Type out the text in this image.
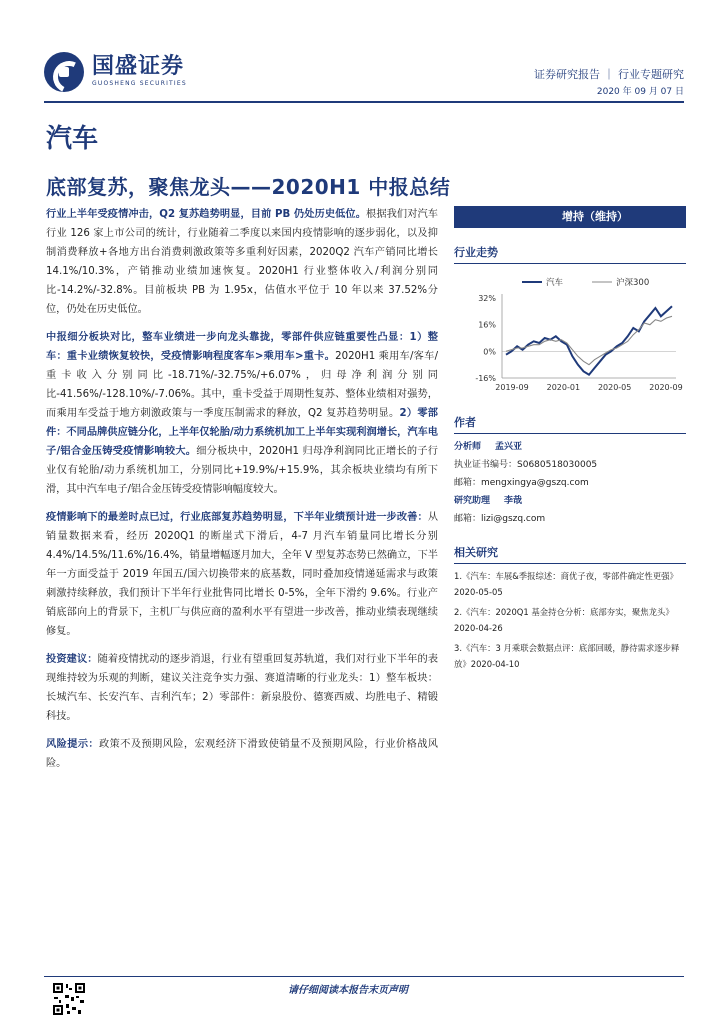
国盛证券
GUOSHENG SECURITIES
证券研究报告 ｜ 行业专题研究
2020 年 09 月 07 日
汽车
底部复苏，聚焦龙头——2020H1 中报总结

行业上半年受疫情冲击，Q2 复苏趋势明显，目前 PB 仍处历史低位。根据我们对汽车行业 126 家上市公司的统计，行业随着二季度以来国内疫情影响的逐步弱化，以及抑制消费释放+各地方出台消费刺激政策等多重利好因素，2020Q2 汽车产销同比增长 14.1%/10.3%，产销推动业绩加速恢复。2020H1 行业整体收入/利润分别同比-14.2%/-32.8%。目前板块 PB 为 1.95x，估值水平位于 10 年以来 37.52%分位，仍处在历史低位。

中报细分板块对比，整车业绩进一步向龙头靠拢，零部件供应链重要性凸显：1）整车：重卡业绩恢复较快，受疫情影响程度客车>乘用车>重卡。2020H1 乘用车/客车/重卡收入分别同比-18.71%/-32.75%/+6.07%，归母净利润分别同比-41.56%/-128.10%/-7.06%。其中，重卡受益于周期性复苏、整体业绩相对强势，而乘用车受益于地方刺激政策与一季度压制需求的释放，Q2 复苏趋势明显。2）零部件：不同品牌供应链分化，上半年仅轮胎/动力系统机加工上半年实现利润增长，汽车电子/铝合金压铸受疫情影响较大。细分板块中，2020H1 归母净利润同比正增长的子行业仅有轮胎/动力系统机加工，分别同比+19.9%/+15.9%，其余板块业绩均有所下滑，其中汽车电子/铝合金压铸受疫情影响幅度较大。

疫情影响下的最差时点已过，行业底部复苏趋势明显，下半年业绩预计进一步改善：从销量数据来看，经历 2020Q1 的断崖式下滑后，4-7 月汽车销量同比增长分别 4.4%/14.5%/11.6%/16.4%，销量增幅逐月加大，全年 V 型复苏态势已然确立，下半年一方面受益于 2019 年国五/国六切换带来的底基数，同时叠加疫情递延需求与政策刺激持续释放，我们预计下半年行业批售同比增长 0-5%，全年下滑约 9.6%。行业产销底部向上的背景下，主机厂与供应商的盈利水平有望进一步改善，推动业绩表现继续修复。

投资建议：随着疫情扰动的逐步消退，行业有望重回复苏轨道，我们对行业下半年的表现维持较为乐观的判断，建议关注竞争实力强、赛道清晰的行业龙头：1）整车板块：长城汽车、长安汽车、吉利汽车；2）零部件：新泉股份、德赛西威、均胜电子、精锻科技。

风险提示：政策不及预期风险，宏观经济下滑致使销量不及预期风险，行业价格战风险。

增持（维持）
行业走势
32%
16%
0%
-16%
2019-09 2020-01 2020-05 2020-09
汽车	沪深300
作者
分析师 孟兴亚
执业证书编号：S0680518030005
邮箱：mengxingya@gszq.com
研究助理 李哉
邮箱：lizi@gszq.com
相关研究
1.《汽车：车展&季报综述：商优子夜，零部件确定性更强》2020-05-05
2.《汽车：2020Q1 基金持仓分析：底部夯实，聚焦龙头》2020-04-26
3.《汽车：3 月乘联会数据点评：底部回暖，静待需求逐步释放》2020-04-10
请仔细阅读本报告末页声明
